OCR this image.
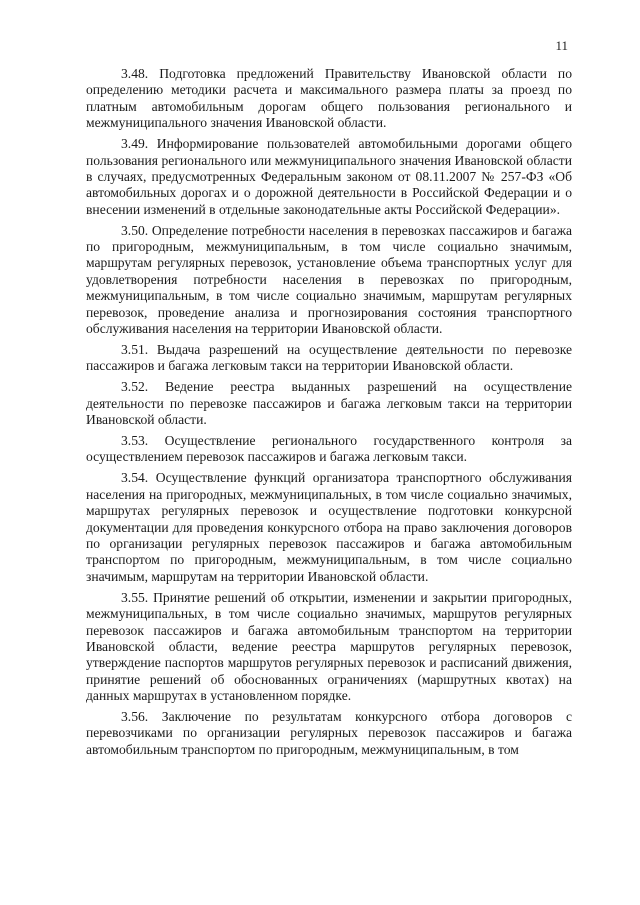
11

3.48. Подготовка предложений Правительству Ивановской области по определению методики расчета и максимального размера платы за проезд по платным автомобильным дорогам общего пользования регионального и межмуниципального значения Ивановской области.

3.49. Информирование пользователей автомобильными дорогами общего пользования регионального или межмуниципального значения Ивановской области в случаях, предусмотренных Федеральным законом от 08.11.2007 № 257-ФЗ «Об автомобильных дорогах и о дорожной деятельности в Российской Федерации и о внесении изменений в отдельные законодательные акты Российской Федерации».

3.50. Определение потребности населения в перевозках пассажиров и багажа по пригородным, межмуниципальным, в том числе социально значимым, маршрутам регулярных перевозок, установление объема транспортных услуг для удовлетворения потребности населения в перевозках по пригородным, межмуниципальным, в том числе социально значимым, маршрутам регулярных перевозок, проведение анализа и прогнозирования состояния транспортного обслуживания населения на территории Ивановской области.

3.51. Выдача разрешений на осуществление деятельности по перевозке пассажиров и багажа легковым такси на территории Ивановской области.

3.52. Ведение реестра выданных разрешений на осуществление деятельности по перевозке пассажиров и багажа легковым такси на территории Ивановской области.

3.53. Осуществление регионального государственного контроля за осуществлением перевозок пассажиров и багажа легковым такси.

3.54. Осуществление функций организатора транспортного обслуживания населения на пригородных, межмуниципальных, в том числе социально значимых, маршрутах регулярных перевозок и осуществление подготовки конкурсной документации для проведения конкурсного отбора на право заключения договоров по организации регулярных перевозок пассажиров и багажа автомобильным транспортом по пригородным, межмуниципальным, в том числе социально значимым, маршрутам на территории Ивановской области.

3.55. Принятие решений об открытии, изменении и закрытии пригородных, межмуниципальных, в том числе социально значимых, маршрутов регулярных перевозок пассажиров и багажа автомобильным транспортом на территории Ивановской области, ведение реестра маршрутов регулярных перевозок, утверждение паспортов маршрутов регулярных перевозок и расписаний движения, принятие решений об обоснованных ограничениях (маршрутных квотах) на данных маршрутах в установленном порядке.

3.56. Заключение по результатам конкурсного отбора договоров с перевозчиками по организации регулярных перевозок пассажиров и багажа автомобильным транспортом по пригородным, межмуниципальным, в том
